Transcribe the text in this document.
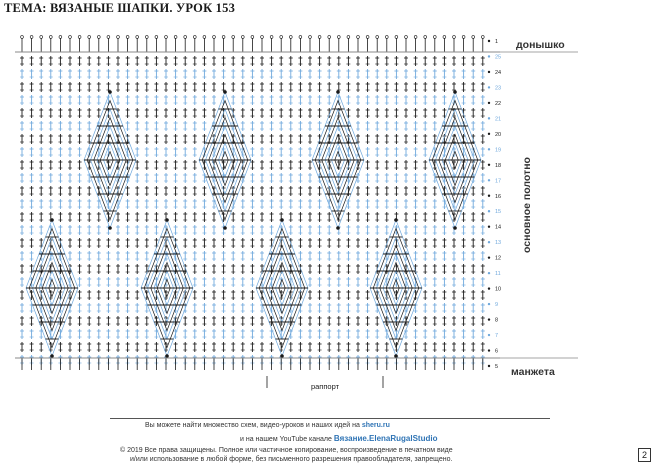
ТЕМА: ВЯЗАНЫЕ ШАПКИ. УРОК 153
донышко
манжета
основное полотно
1
25
24
23
22
21
20
19
18
17
16
15
14
13
12
11
10
9
8
7
6
5
раппорт
Вы можете найти множество схем, видео-уроков и наших идей на sheru.ru
и на нашем YouTube канале Вязание.ElenaRugalStudio
© 2019 Все права защищены. Полное или частичное копирование, воспроизведение в печатном виде
и/или использование в любой форме, без письменного разрешения правообладателя, запрещено.	2
